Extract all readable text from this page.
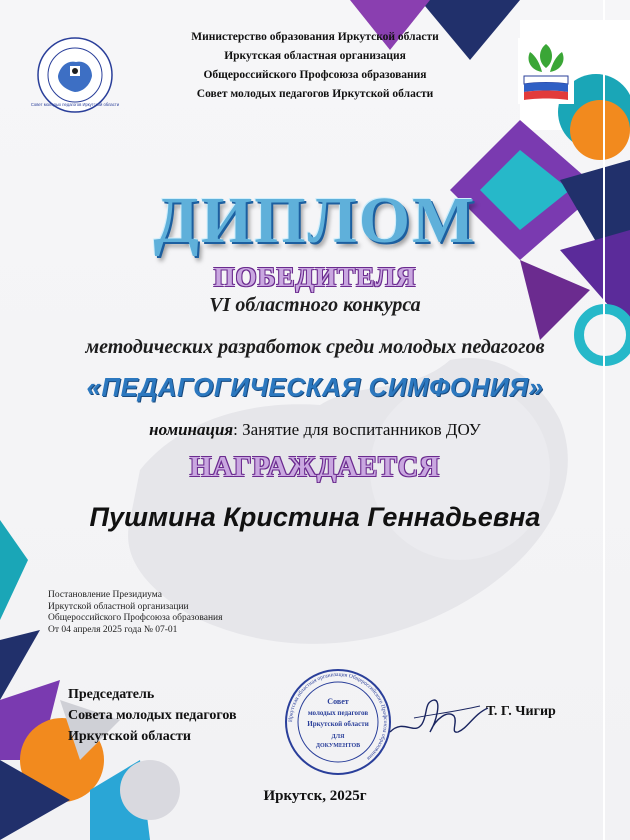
Совет молодых педагогов Иркутской области
Министерство образования Иркутской области
Иркутская областная организация
Общероссийского Профсоюза образования
Совет молодых педагогов Иркутской области
ДИПЛОМ
ПОБЕДИТЕЛЯ
VI областного конкурса
методических разработок среди молодых педагогов
«ПЕДАГОГИЧЕСКАЯ СИМФОНИЯ»
номинация: Занятие для воспитанников ДОУ
НАГРАЖДАЕТСЯ
Пушмина Кристина Геннадьевна
Постановление Президиума
Иркутской областной организации
Общероссийского Профсоюза образования
От 04 апреля 2025 года № 07-01
Председатель
Совета молодых педагогов
Иркутской области
Иркутская областная организация Общероссийского Профсоюза образования
Совет
молодых педагогов
Иркутской области
ДЛЯ
ДОКУМЕНТОВ
Т. Г. Чигир
Иркутск, 2025г
